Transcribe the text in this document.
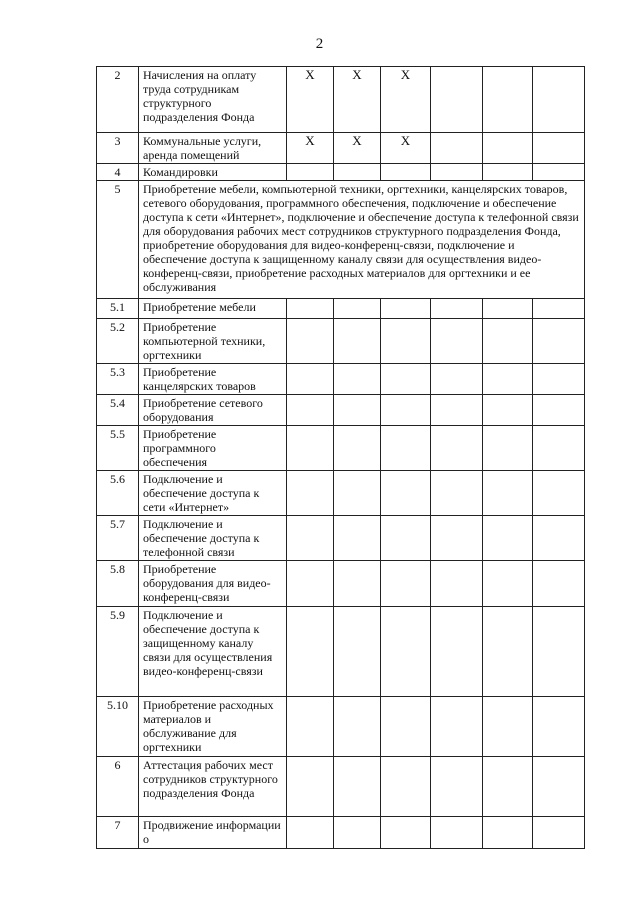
2
2	Начисления на оплату труда сотрудникам структурного подразделения Фонда	X	X	X			
3	Коммунальные услуги, аренда помещений	X	X	X			
4	Командировки						
5	Приобретение мебели, компьютерной техники, оргтехники, канцелярских товаров, сетевого оборудования, программного обеспечения, подключение и обеспечение доступа к сети «Интернет», подключение и обеспечение доступа к телефонной связи для оборудования рабочих мест сотрудников структурного подразделения Фонда, приобретение оборудования для видео-конференц-связи, подключение и обеспечение доступа к защищенному каналу связи для осуществления видео-конференц-связи, приобретение расходных материалов для оргтехники и ее обслуживания						
5.1	Приобретение мебели						
5.2	Приобретение компьютерной техники, оргтехники						
5.3	Приобретение канцелярских товаров						
5.4	Приобретение сетевого оборудования						
5.5	Приобретение программного обеспечения						
5.6	Подключение и обеспечение доступа к сети «Интернет»						
5.7	Подключение и обеспечение доступа к телефонной связи						
5.8	Приобретение оборудования для видео-конференц-связи						
5.9	Подключение и обеспечение доступа к защищенному каналу связи для осуществления видео-конференц-связи						
5.10	Приобретение расходных материалов и обслуживание для оргтехники						
6	Аттестация рабочих мест сотрудников структурного подразделения Фонда						
7	Продвижение информации о						
